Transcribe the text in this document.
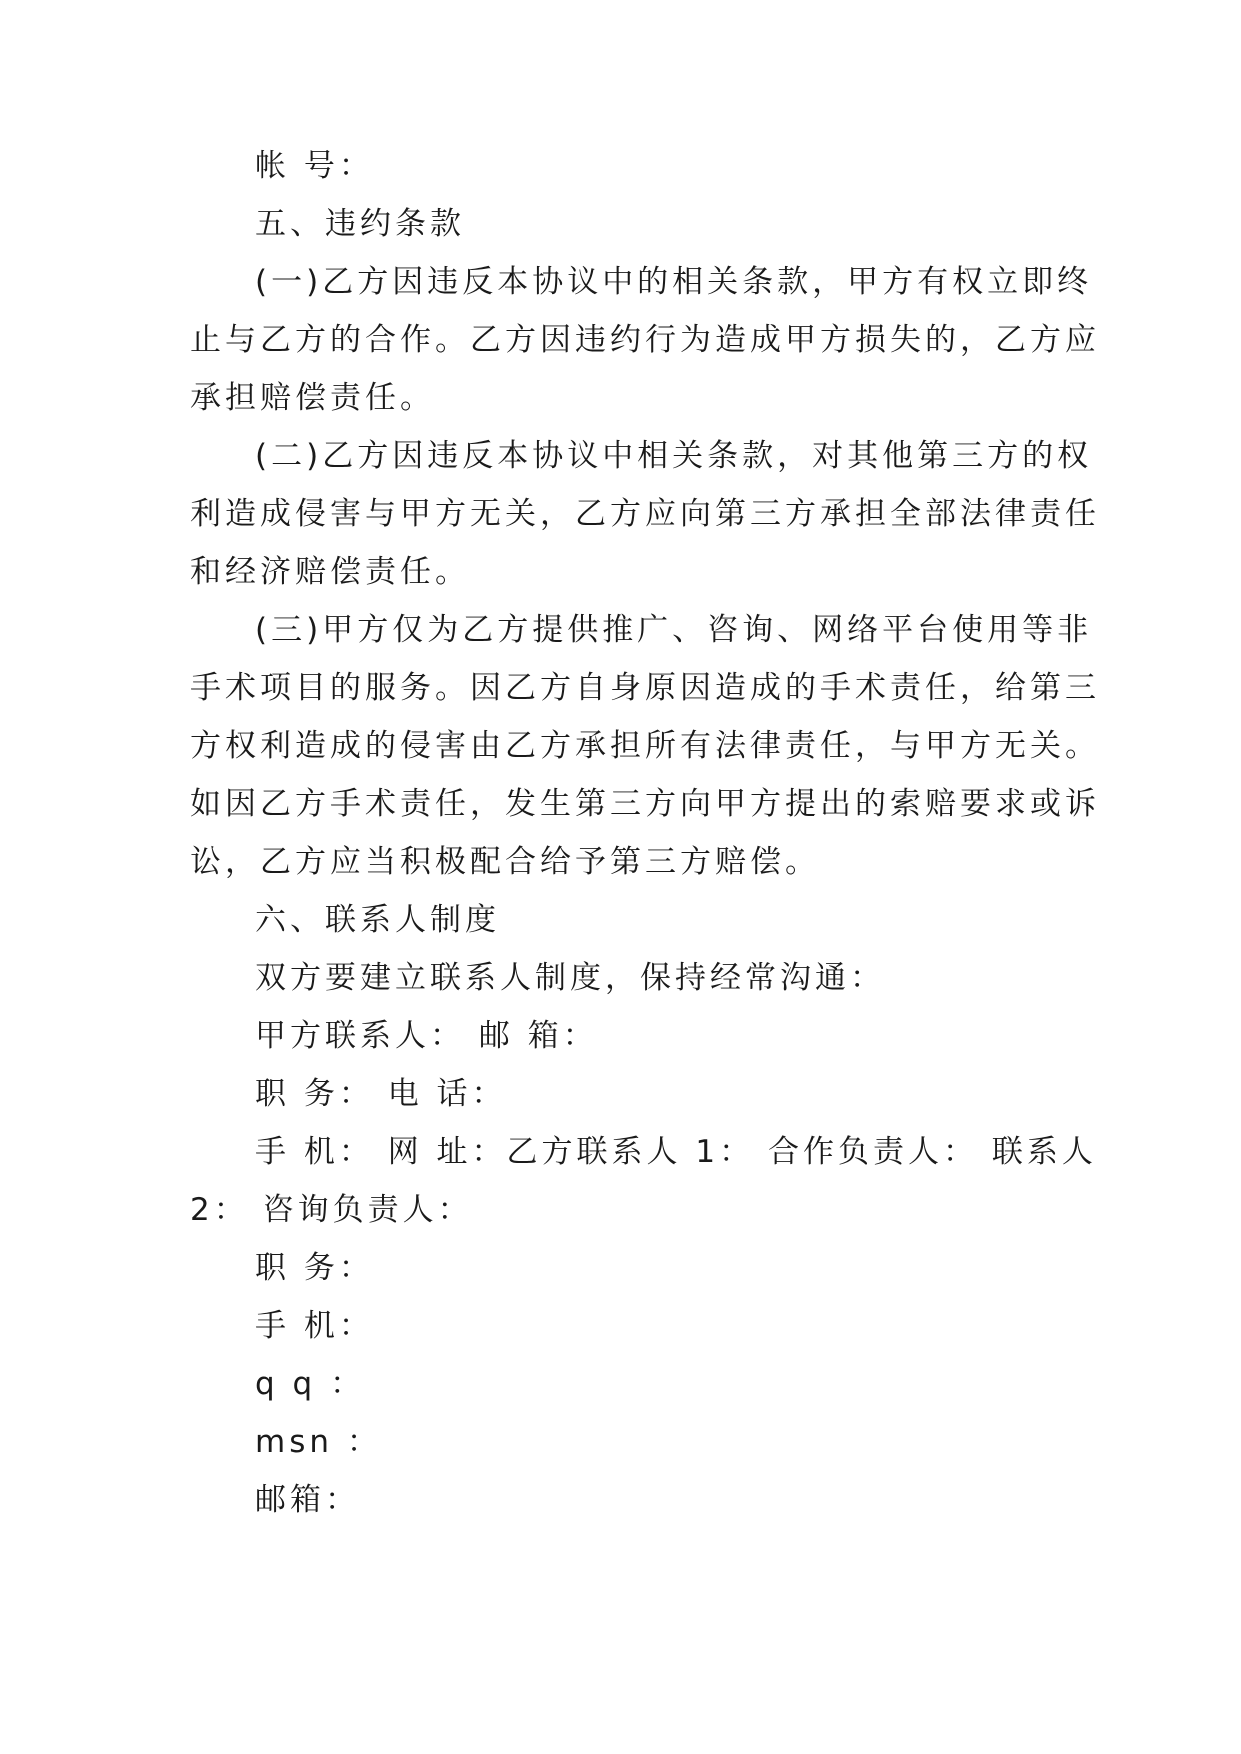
帐 号：
五、违约条款
(一)乙方因违反本协议中的相关条款，甲方有权立即终
止与乙方的合作。乙方因违约行为造成甲方损失的，乙方应
承担赔偿责任。
(二)乙方因违反本协议中相关条款，对其他第三方的权
利造成侵害与甲方无关，乙方应向第三方承担全部法律责任
和经济赔偿责任。
(三)甲方仅为乙方提供推广、咨询、网络平台使用等非
手术项目的服务。因乙方自身原因造成的手术责任，给第三
方权利造成的侵害由乙方承担所有法律责任，与甲方无关。
如因乙方手术责任，发生第三方向甲方提出的索赔要求或诉
讼，乙方应当积极配合给予第三方赔偿。
六、联系人制度
双方要建立联系人制度，保持经常沟通：
甲方联系人： 邮 箱：
职 务： 电 话：
手 机： 网 址：乙方联系人 1： 合作负责人： 联系人
2： 咨询负责人：
职 务：
手 机：
q q ：
msn ：
邮箱：
